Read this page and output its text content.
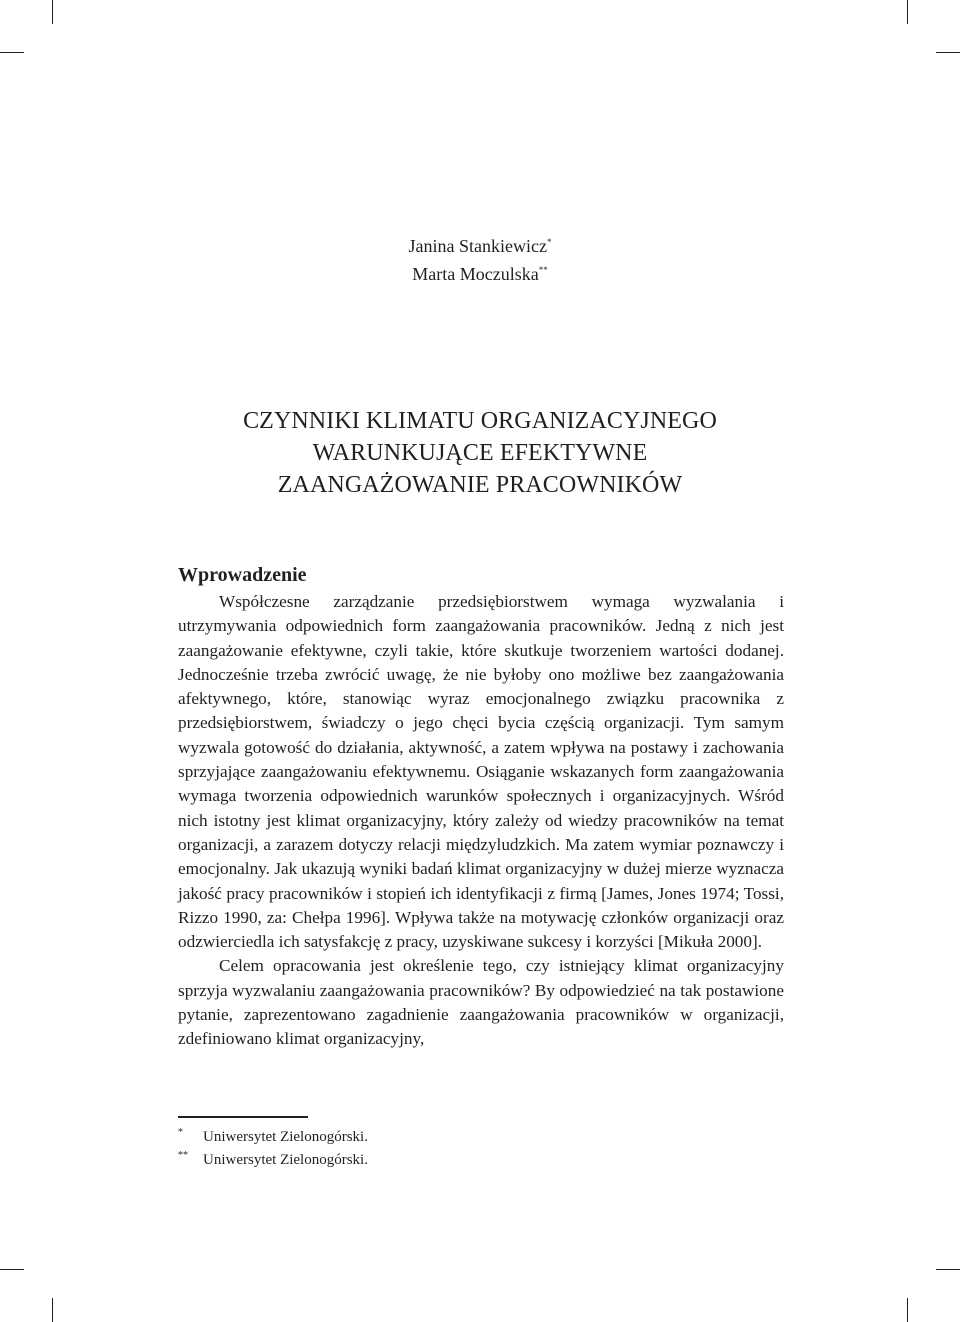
Janina Stankiewicz*
Marta Moczulska**
CZYNNIKI KLIMATU ORGANIZACYJNEGO
WARUNKUJĄCE EFEKTYWNE
ZAANGAŻOWANIE PRACOWNIKÓW
Wprowadzenie

Współczesne zarządzanie przedsiębiorstwem wymaga wyzwalania i utrzymywania odpowiednich form zaangażowania pracowników. Jedną z nich jest zaangażowanie efektywne, czyli takie, które skutkuje tworzeniem wartości dodanej. Jednocześnie trzeba zwrócić uwagę, że nie byłoby ono możliwe bez zaangażowania afektywnego, które, stanowiąc wyraz emocjonalnego związku pracownika z przedsiębiorstwem, świadczy o jego chęci bycia częścią organizacji. Tym samym wyzwala gotowość do działania, aktywność, a zatem wpływa na postawy i zachowania sprzyjające zaangażowaniu efektywnemu. Osiąganie wskazanych form zaangażowania wymaga tworzenia odpowiednich warunków społecznych i organizacyjnych. Wśród nich istotny jest klimat organizacyjny, który zależy od wiedzy pracowników na temat organizacji, a zarazem dotyczy relacji międzyludzkich. Ma zatem wymiar poznawczy i emocjonalny. Jak ukazują wyniki badań klimat organizacyjny w dużej mierze wyznacza jakość pracy pracowników i stopień ich identyfikacji z firmą [James, Jones 1974; Tossi, Rizzo 1990, za: Chełpa 1996]. Wpływa także na motywację członków organizacji oraz odzwierciedla ich satysfakcję z pracy, uzyskiwane sukcesy i korzyści [Mikuła 2000].

Celem opracowania jest określenie tego, czy istniejący klimat organizacyjny sprzyja wyzwalaniu zaangażowania pracowników? By odpowiedzieć na tak postawione pytanie, zaprezentowano zagadnienie zaangażowania pracowników w organizacji, zdefiniowano klimat organizacyjny,

*	Uniwersytet Zielonogórski.
**	Uniwersytet Zielonogórski.
